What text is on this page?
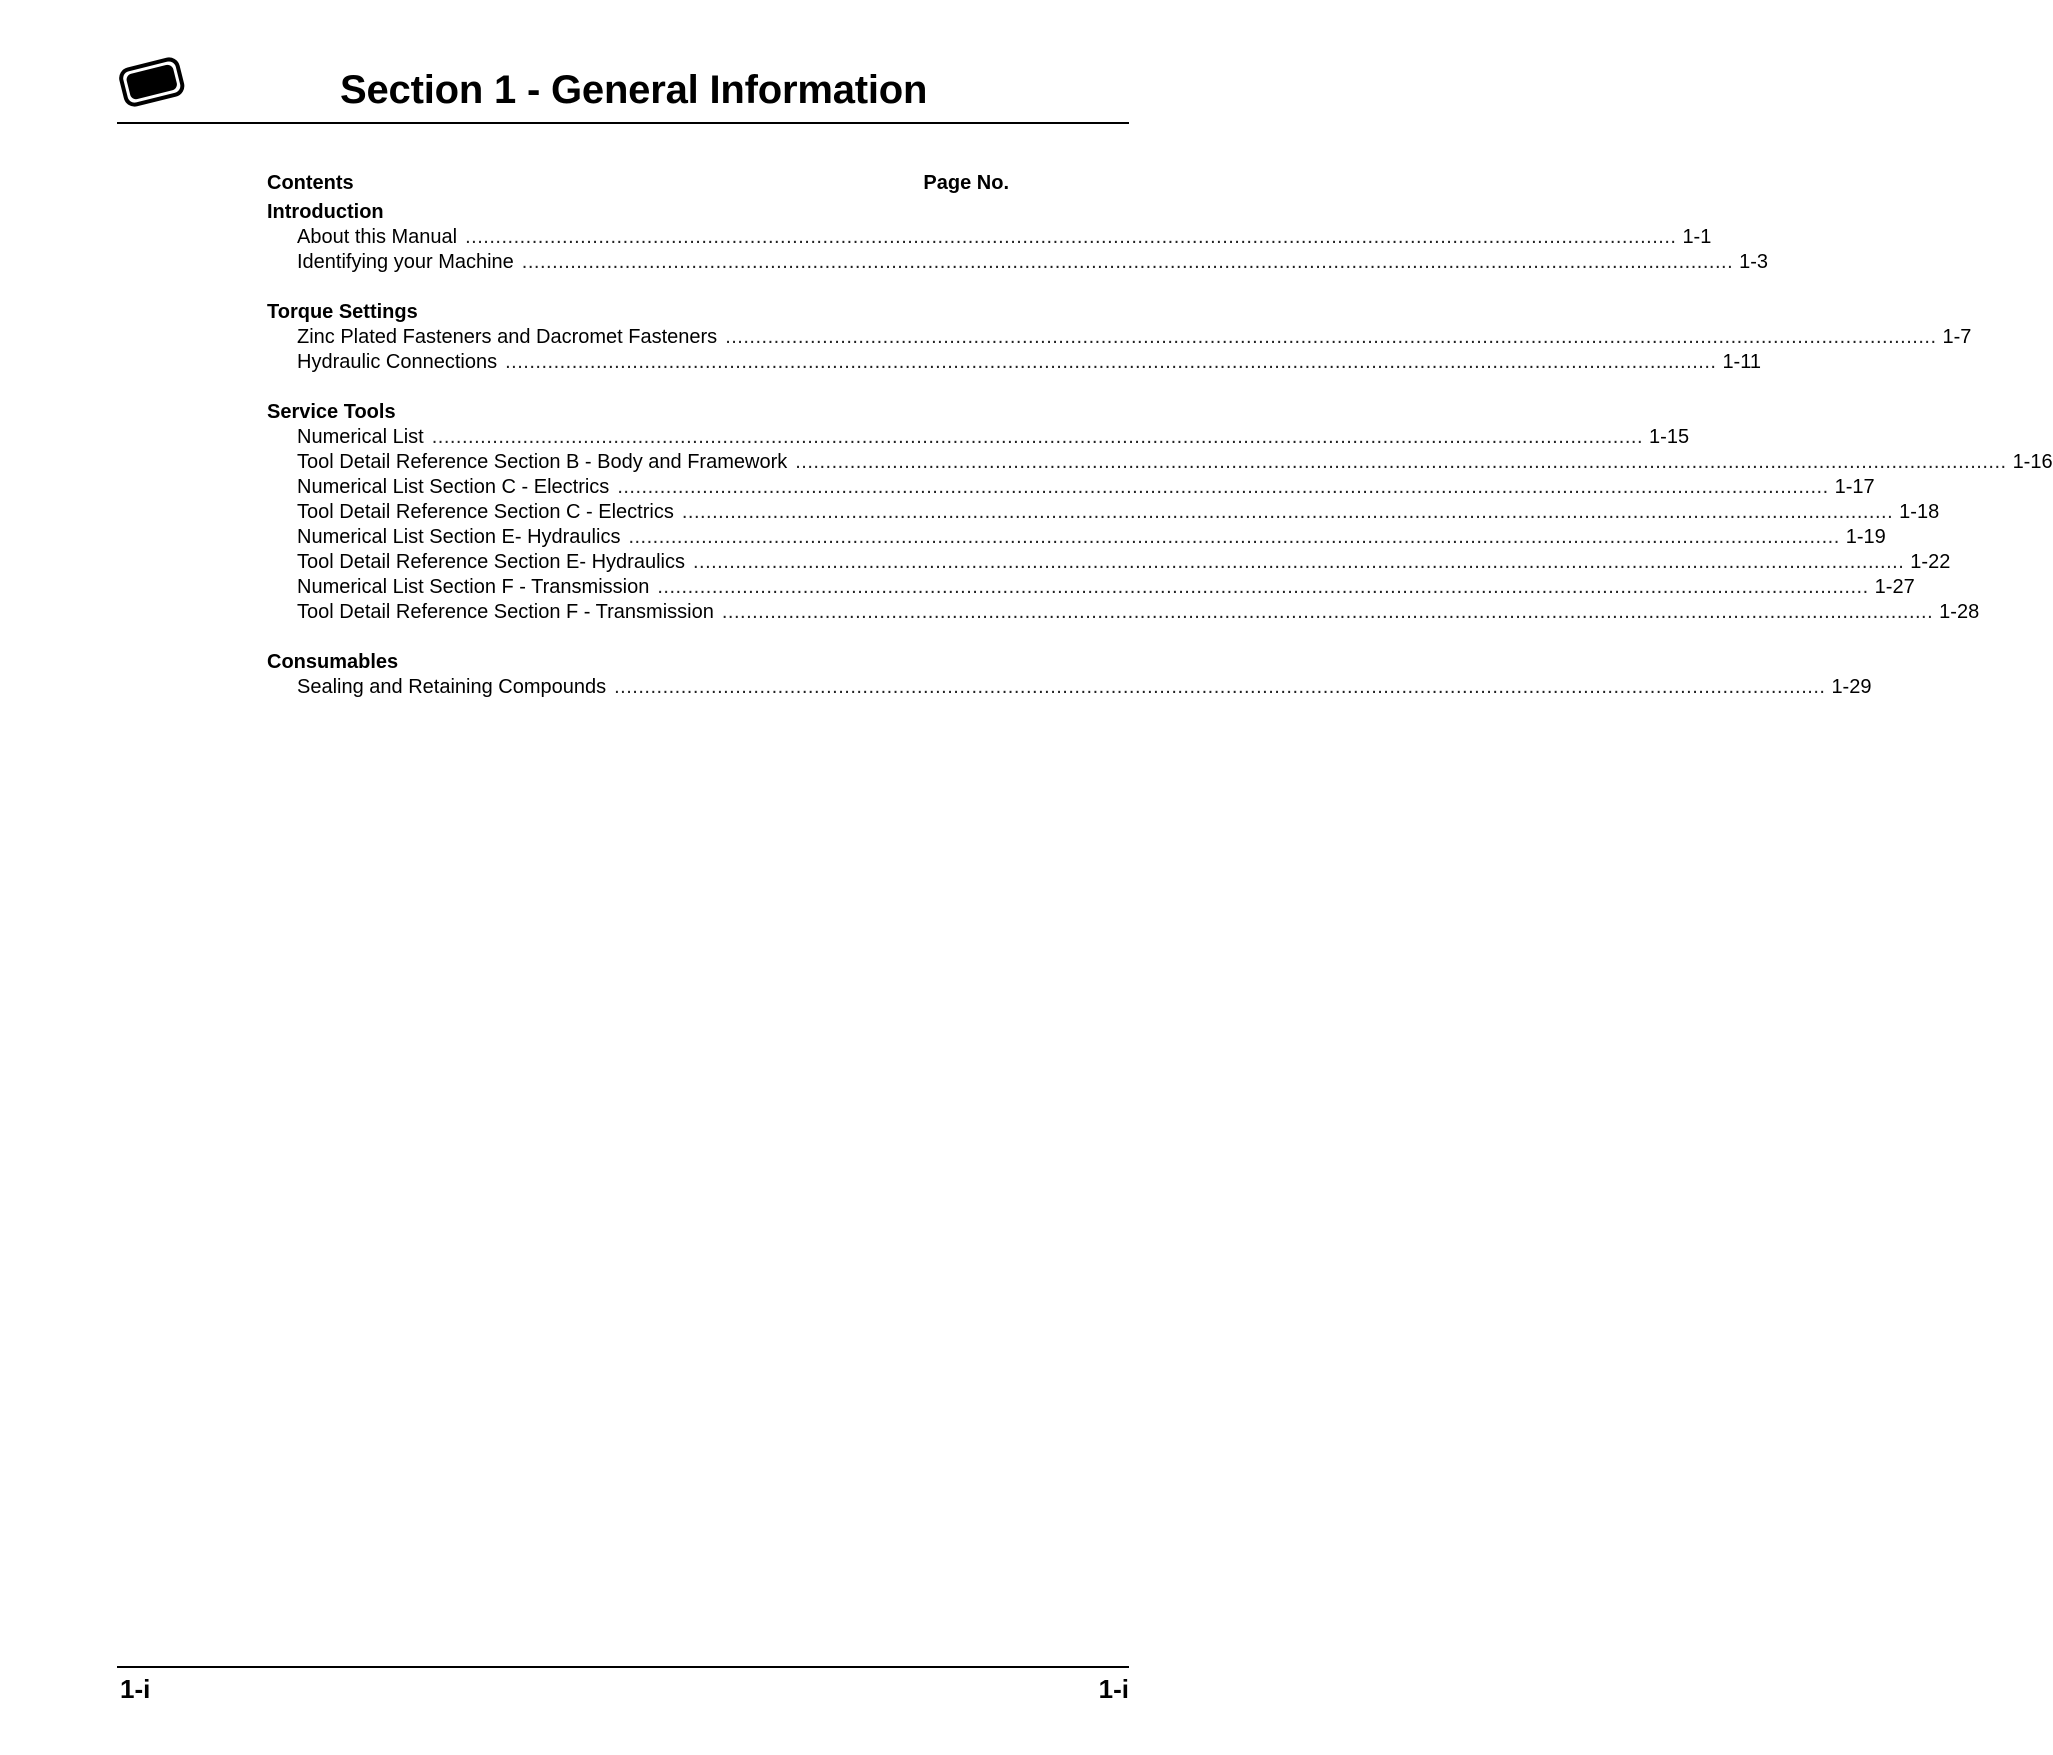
Section 1 - General Information
Contents	Page No.
Introduction
About this Manual ........................................................................................................................................................................................................ 1-1
Identifying your Machine ........................................................................................................................................................................................................ 1-3
Torque Settings
Zinc Plated Fasteners and Dacromet Fasteners ........................................................................................................................................................................................................ 1-7
Hydraulic Connections ........................................................................................................................................................................................................ 1-11
Service Tools
Numerical List ........................................................................................................................................................................................................ 1-15
Tool Detail Reference Section B - Body and Framework ........................................................................................................................................................................................................ 1-16
Numerical List Section C - Electrics ........................................................................................................................................................................................................ 1-17
Tool Detail Reference Section C - Electrics ........................................................................................................................................................................................................ 1-18
Numerical List Section E- Hydraulics ........................................................................................................................................................................................................ 1-19
Tool Detail Reference Section E- Hydraulics ........................................................................................................................................................................................................ 1-22
Numerical List Section F - Transmission ........................................................................................................................................................................................................ 1-27
Tool Detail Reference Section F - Transmission ........................................................................................................................................................................................................ 1-28
Consumables
Sealing and Retaining Compounds ........................................................................................................................................................................................................ 1-29
1-i	1-i
